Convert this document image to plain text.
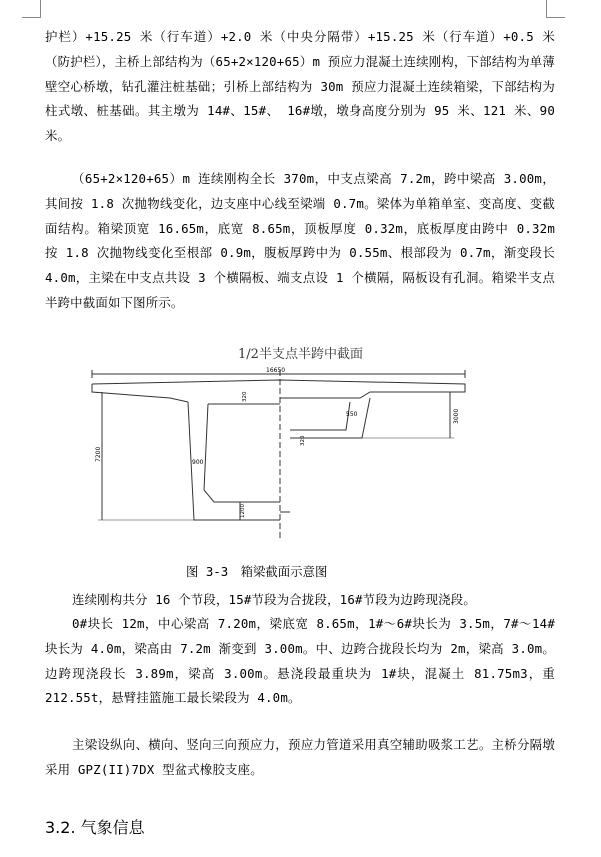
护栏）+15.25 米（行车道）+2.0 米（中央分隔带）+15.25 米（行车道）+0.5 米（防护栏），主桥上部结构为（65+2×120+65）m 预应力混凝土连续刚构，下部结构为单薄壁空心桥墩，钻孔灌注桩基础；引桥上部结构为 30m 预应力混凝土连续箱梁，下部结构为柱式墩、桩基础。其主墩为 14#、15#、 16#墩，墩身高度分别为 95 米、121 米、90 米。

（65+2×120+65）m 连续刚构全长 370m，中支点梁高 7.2m，跨中梁高 3.00m，其间按 1.8 次抛物线变化，边支座中心线至梁端 0.7m。梁体为单箱单室、变高度、变截面结构。箱梁顶宽 16.65m，底宽 8.65m，顶板厚度 0.32m，底板厚度由跨中 0.32m 按 1.8 次抛物线变化至根部 0.9m，腹板厚跨中为 0.55m、根部段为 0.7m，渐变段长 4.0m，主梁在中支点共设 3 个横隔板、端支点设 1 个横隔，隔板设有孔洞。箱梁半支点半跨中截面如下图所示。

1/2半支点半跨中截面
16650
7200
3000
900
550
320
320
1200
图 3-3　箱梁截面示意图

连续刚构共分 16 个节段，15#节段为合拢段，16#节段为边跨现浇段。

0#块长 12m，中心梁高 7.20m，梁底宽 8.65m，1#～6#块长为 3.5m，7#～14#块长为 4.0m，梁高由 7.2m 渐变到 3.00m。中、边跨合拢段长均为 2m，梁高 3.0m。边跨现浇段长 3.89m，梁高 3.00m。悬浇段最重块为 1#块，混凝土 81.75m3，重 212.55t，悬臂挂篮施工最长梁段为 4.0m。

主梁设纵向、横向、竖向三向预应力，预应力管道采用真空辅助吸浆工艺。主桥分隔墩采用 GPZ(II)7DX 型盆式橡胶支座。

3.2. 气象信息
